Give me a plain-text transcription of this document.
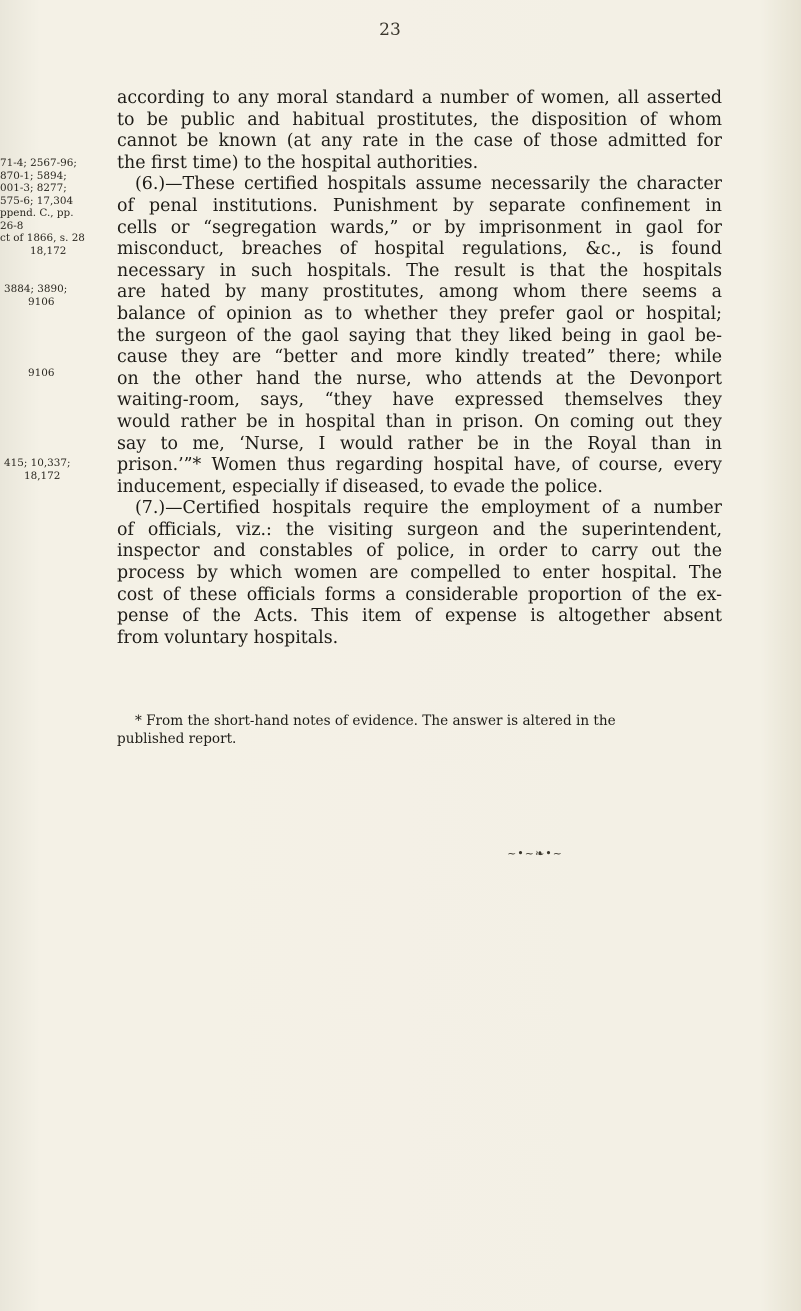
23
according to any moral standard a number of women, all asserted
to be public and habitual prostitutes, the disposition of whom
cannot be known (at any rate in the case of those admitted for
the first time) to the hospital authorities.
(6.)—These certified hospitals assume necessarily the character
of penal institutions. Punishment by separate confinement in
cells or “segregation wards,” or by imprisonment in gaol for
misconduct, breaches of hospital regulations, &c., is found
necessary in such hospitals. The result is that the hospitals
are hated by many prostitutes, among whom there seems a
balance of opinion as to whether they prefer gaol or hospital;
the surgeon of the gaol saying that they liked being in gaol be-
cause they are “better and more kindly treated” there; while
on the other hand the nurse, who attends at the Devonport
waiting-room, says, “they have expressed themselves they
would rather be in hospital than in prison. On coming out they
say to me, ‘Nurse, I would rather be in the Royal than in
prison.’”* Women thus regarding hospital have, of course, every
inducement, especially if diseased, to evade the police.
(7.)—Certified hospitals require the employment of a number
of officials, viz.: the visiting surgeon and the superintendent,
inspector and constables of police, in order to carry out the
process by which women are compelled to enter hospital. The
cost of these officials forms a considerable proportion of the ex-
pense of the Acts. This item of expense is altogether absent
from voluntary hospitals.
71-4; 2567-96;
870-1; 5894;
001-3; 8277;
575-6; 17,304
ppend. C., pp.
26-8
ct of 1866, s. 28
18,172
3884; 3890;
9106
9106
415; 10,337;
18,172
* From the short-hand notes of evidence. The answer is altered in the
published report.
~•~❧•~
